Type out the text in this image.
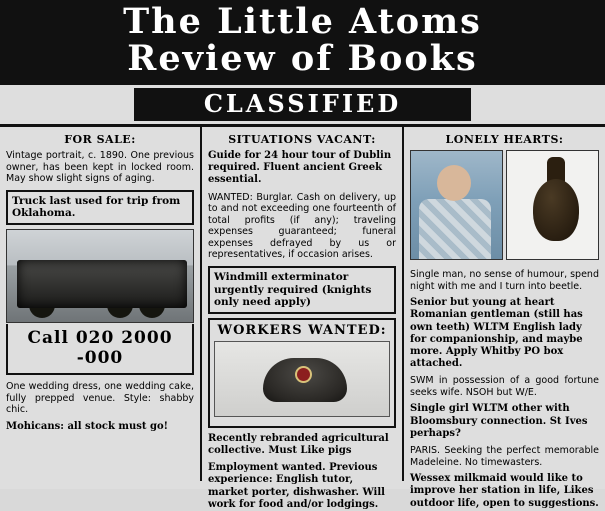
The Little Atoms
Review of Books
CLASSIFIED
FOR SALE:

Vintage portrait, c. 1890. One previous owner, has been kept in locked room. May show slight signs of aging.

Truck last used for trip from Oklahoma.
Call 020 2000 -000

One wedding dress, one wedding cake, fully prepped venue. Style: shabby chic.

Mohicans: all stock must go!
SITUATIONS VACANT:
Guide for 24 hour tour of Dublin required. Fluent ancient Greek essential.

WANTED: Burglar. Cash on delivery, up to and not exceeding one fourteenth of total profits (if any); traveling expenses guaranteed; funeral expenses defrayed by us or representatives, if occasion arises.

Windmill exterminator urgently required (knights only need apply)
WORKERS WANTED:
Recently rebranded agricultural collective. Must Like pigs
Employment wanted. Previous experience: English tutor, market porter, dishwasher. Will work for food and/or lodgings.
LONELY HEARTS:

Single man, no sense of humour, spend night with me and I turn into beetle.

Senior but young at heart Romanian gentleman (still has own teeth) WLTM English lady for companionship, and maybe more. Apply Whitby PO box attached.

SWM in possession of a good fortune seeks wife. NSOH but W/E.

Single girl WLTM other with Bloomsbury connection. St Ives perhaps?

PARIS. Seeking the perfect memorable Madeleine. No timewasters.

Wessex milkmaid would like to improve her station in life, Likes outdoor life, open to suggestions.
